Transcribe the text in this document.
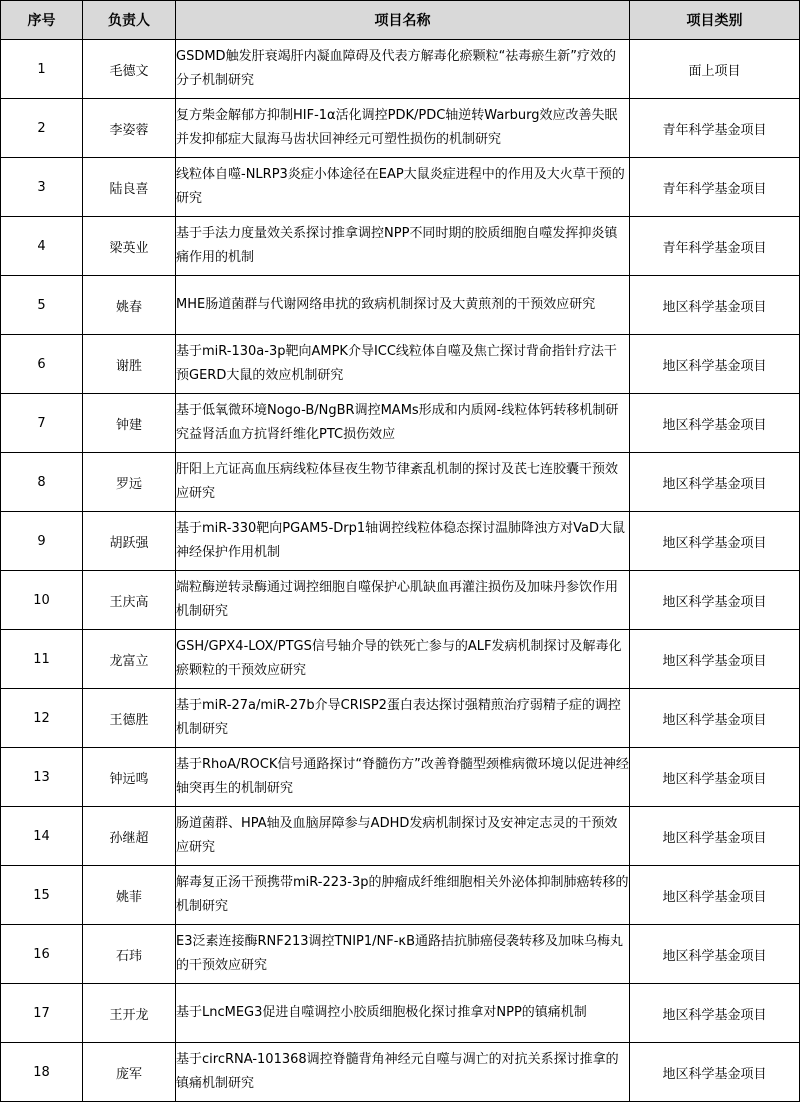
序号	负责人	项目名称	项目类别
1	毛德文	GSDMD触发肝衰竭肝内凝血障碍及代表方解毒化瘀颗粒“祛毒瘀生新”疗效的分子机制研究	面上项目
2	李姿蓉	复方柴金解郁方抑制HIF-1α活化调控PDK/PDC轴逆转Warburg效应改善失眠并发抑郁症大鼠海马齿状回神经元可塑性损伤的机制研究	青年科学基金项目
3	陆良喜	线粒体自噬-NLRP3炎症小体途径在EAP大鼠炎症进程中的作用及大火草干预的研究	青年科学基金项目
4	梁英业	基于手法力度量效关系探讨推拿调控NPP不同时期的胶质细胞自噬发挥抑炎镇痛作用的机制	青年科学基金项目
5	姚春	MHE肠道菌群与代谢网络串扰的致病机制探讨及大黄煎剂的干预效应研究	地区科学基金项目
6	谢胜	基于miR-130a-3p靶向AMPK介导ICC线粒体自噬及焦亡探讨背俞指针疗法干预GERD大鼠的效应机制研究	地区科学基金项目
7	钟建	基于低氧微环境Nogo-B/NgBR调控MAMs形成和内质网-线粒体钙转移机制研究益肾活血方抗肾纤维化PTC损伤效应	地区科学基金项目
8	罗远	肝阳上亢证高血压病线粒体昼夜生物节律紊乱机制的探讨及芪七连胶囊干预效应研究	地区科学基金项目
9	胡跃强	基于miR-330靶向PGAM5-Drp1轴调控线粒体稳态探讨温肺降浊方对VaD大鼠神经保护作用机制	地区科学基金项目
10	王庆高	端粒酶逆转录酶通过调控细胞自噬保护心肌缺血再灌注损伤及加味丹参饮作用机制研究	地区科学基金项目
11	龙富立	GSH/GPX4-LOX/PTGS信号轴介导的铁死亡参与的ALF发病机制探讨及解毒化瘀颗粒的干预效应研究	地区科学基金项目
12	王德胜	基于miR-27a/miR-27b介导CRISP2蛋白表达探讨强精煎治疗弱精子症的调控机制研究	地区科学基金项目
13	钟远鸣	基于RhoA/ROCK信号通路探讨“脊髓伤方”改善脊髓型颈椎病微环境以促进神经轴突再生的机制研究	地区科学基金项目
14	孙继超	肠道菌群、HPA轴及血脑屏障参与ADHD发病机制探讨及安神定志灵的干预效应研究	地区科学基金项目
15	姚菲	解毒复正汤干预携带miR-223-3p的肿瘤成纤维细胞相关外泌体抑制肺癌转移的机制研究	地区科学基金项目
16	石玮	E3泛素连接酶RNF213调控TNIP1/NF-κB通路拮抗肺癌侵袭转移及加味乌梅丸的干预效应研究	地区科学基金项目
17	王开龙	基于LncMEG3促进自噬调控小胶质细胞极化探讨推拿对NPP的镇痛机制	地区科学基金项目
18	庞军	基于circRNA-101368调控脊髓背角神经元自噬与凋亡的对抗关系探讨推拿的镇痛机制研究	地区科学基金项目
